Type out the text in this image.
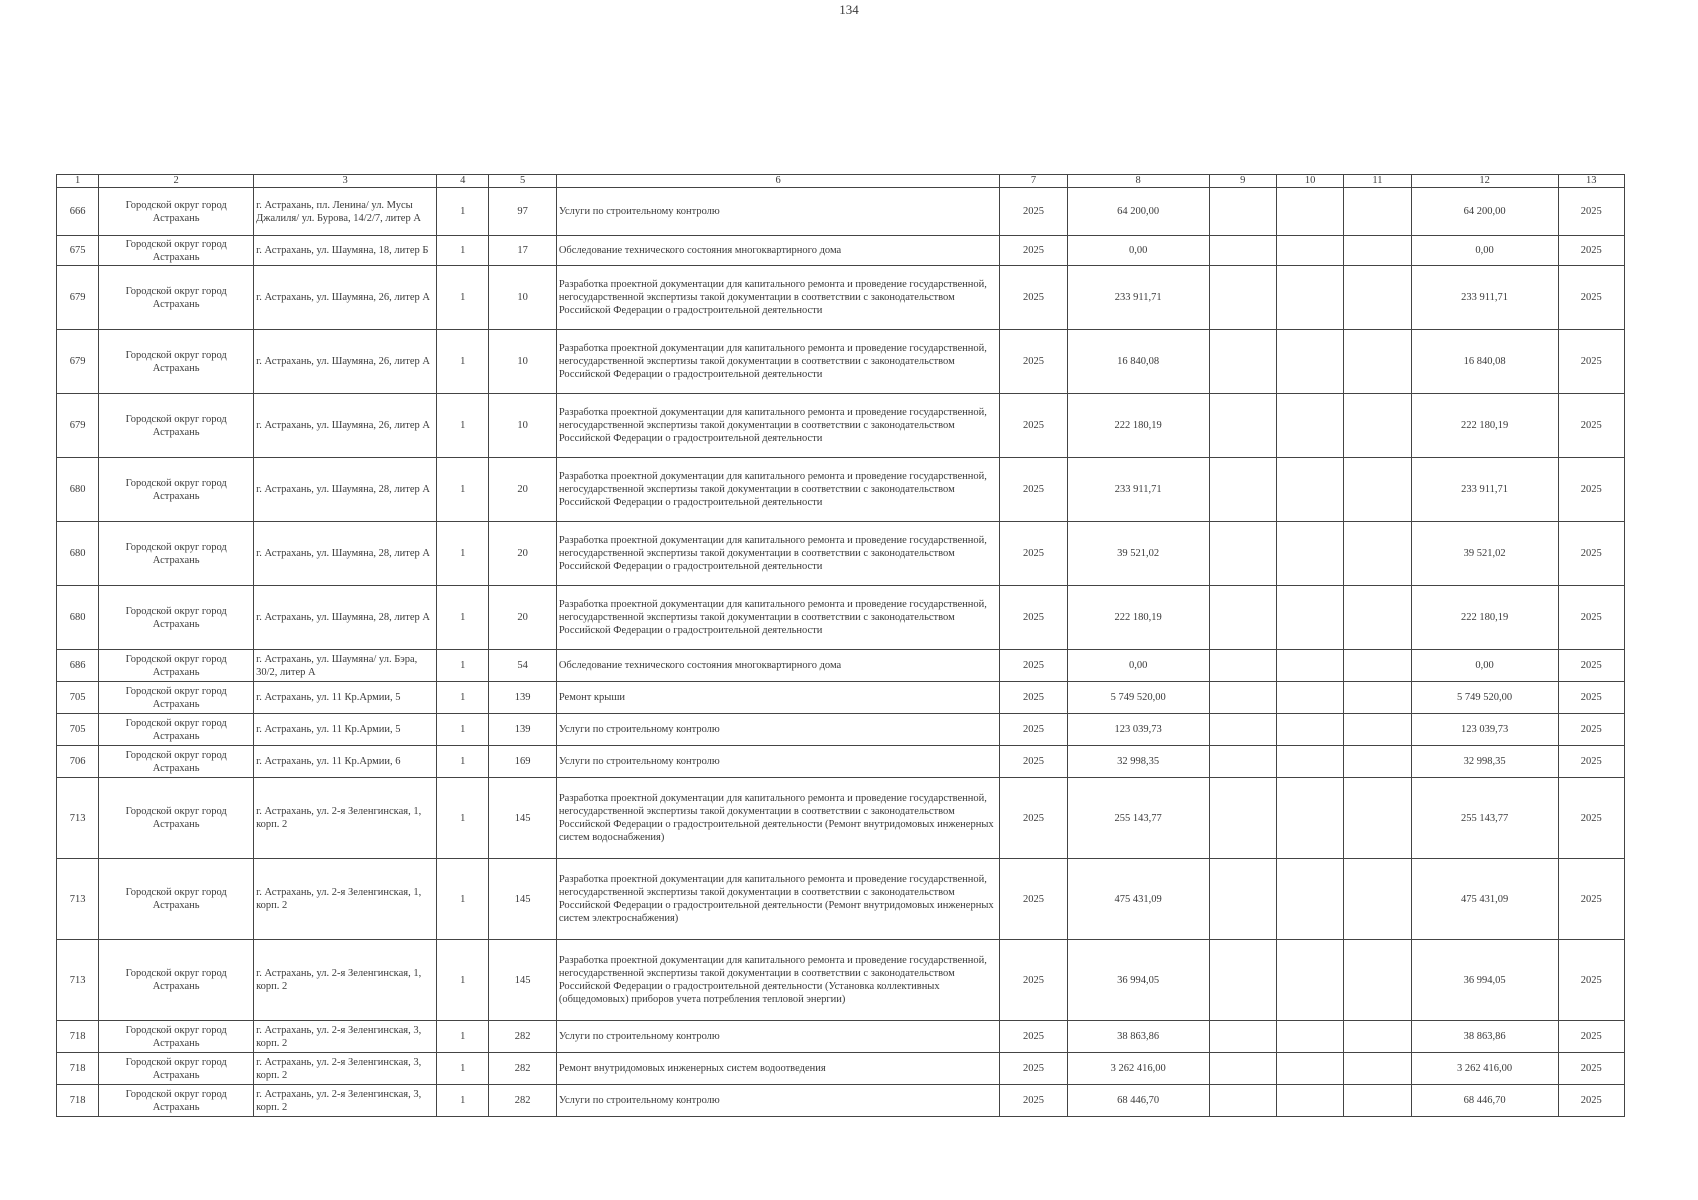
134
1	2	3	4	5	6	7	8	9	10	11	12	13
666	Городской округ город Астрахань	г. Астрахань, пл. Ленина/ ул. Мусы Джалиля/ ул. Бурова, 14/2/7, литер А	1	97	Услуги по строительному контролю	2025	64 200,00				64 200,00	2025
675	Городской округ город Астрахань	г. Астрахань, ул. Шаумяна, 18, литер Б	1	17	Обследование технического состояния многоквартирного дома	2025	0,00				0,00	2025
679	Городской округ город Астрахань	г. Астрахань, ул. Шаумяна, 26, литер А	1	10	Разработка проектной документации для капитального ремонта и проведение государственной, негосударственной экспертизы такой документации в соответствии с законодательством Российской Федерации о градостроительной деятельности	2025	233 911,71				233 911,71	2025
679	Городской округ город Астрахань	г. Астрахань, ул. Шаумяна, 26, литер А	1	10	Разработка проектной документации для капитального ремонта и проведение государственной, негосударственной экспертизы такой документации в соответствии с законодательством Российской Федерации о градостроительной деятельности	2025	16 840,08				16 840,08	2025
679	Городской округ город Астрахань	г. Астрахань, ул. Шаумяна, 26, литер А	1	10	Разработка проектной документации для капитального ремонта и проведение государственной, негосударственной экспертизы такой документации в соответствии с законодательством Российской Федерации о градостроительной деятельности	2025	222 180,19				222 180,19	2025
680	Городской округ город Астрахань	г. Астрахань, ул. Шаумяна, 28, литер А	1	20	Разработка проектной документации для капитального ремонта и проведение государственной, негосударственной экспертизы такой документации в соответствии с законодательством Российской Федерации о градостроительной деятельности	2025	233 911,71				233 911,71	2025
680	Городской округ город Астрахань	г. Астрахань, ул. Шаумяна, 28, литер А	1	20	Разработка проектной документации для капитального ремонта и проведение государственной, негосударственной экспертизы такой документации в соответствии с законодательством Российской Федерации о градостроительной деятельности	2025	39 521,02				39 521,02	2025
680	Городской округ город Астрахань	г. Астрахань, ул. Шаумяна, 28, литер А	1	20	Разработка проектной документации для капитального ремонта и проведение государственной, негосударственной экспертизы такой документации в соответствии с законодательством Российской Федерации о градостроительной деятельности	2025	222 180,19				222 180,19	2025
686	Городской округ город Астрахань	г. Астрахань, ул. Шаумяна/ ул. Бэра, 30/2, литер А	1	54	Обследование технического состояния многоквартирного дома	2025	0,00				0,00	2025
705	Городской округ город Астрахань	г. Астрахань, ул. 11 Кр.Армии, 5	1	139	Ремонт крыши	2025	5 749 520,00				5 749 520,00	2025
705	Городской округ город Астрахань	г. Астрахань, ул. 11 Кр.Армии, 5	1	139	Услуги по строительному контролю	2025	123 039,73				123 039,73	2025
706	Городской округ город Астрахань	г. Астрахань, ул. 11 Кр.Армии, 6	1	169	Услуги по строительному контролю	2025	32 998,35				32 998,35	2025
713	Городской округ город Астрахань	г. Астрахань, ул. 2-я Зеленгинская, 1, корп. 2	1	145	Разработка проектной документации для капитального ремонта и проведение государственной, негосударственной экспертизы такой документации в соответствии с законодательством Российской Федерации о градостроительной деятельности (Ремонт внутридомовых инженерных систем водоснабжения)	2025	255 143,77				255 143,77	2025
713	Городской округ город Астрахань	г. Астрахань, ул. 2-я Зеленгинская, 1, корп. 2	1	145	Разработка проектной документации для капитального ремонта и проведение государственной, негосударственной экспертизы такой документации в соответствии с законодательством Российской Федерации о градостроительной деятельности (Ремонт внутридомовых инженерных систем электроснабжения)	2025	475 431,09				475 431,09	2025
713	Городской округ город Астрахань	г. Астрахань, ул. 2-я Зеленгинская, 1, корп. 2	1	145	Разработка проектной документации для капитального ремонта и проведение государственной, негосударственной экспертизы такой документации в соответствии с законодательством Российской Федерации о градостроительной деятельности (Установка коллективных (общедомовых) приборов учета потребления тепловой энергии)	2025	36 994,05				36 994,05	2025
718	Городской округ город Астрахань	г. Астрахань, ул. 2-я Зеленгинская, 3, корп. 2	1	282	Услуги по строительному контролю	2025	38 863,86				38 863,86	2025
718	Городской округ город Астрахань	г. Астрахань, ул. 2-я Зеленгинская, 3, корп. 2	1	282	Ремонт внутридомовых инженерных систем водоотведения	2025	3 262 416,00				3 262 416,00	2025
718	Городской округ город Астрахань	г. Астрахань, ул. 2-я Зеленгинская, 3, корп. 2	1	282	Услуги по строительному контролю	2025	68 446,70				68 446,70	2025
